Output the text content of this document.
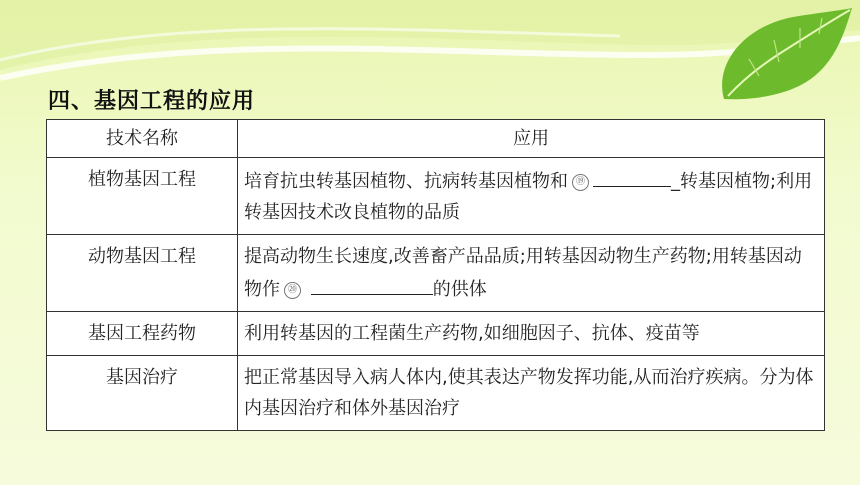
四、基因工程的应用
技术名称	应用
植物基因工程	培育抗虫转基因植物、抗病转基因植物和 ⑲ _转基因植物;利用转基因技术改良植物的品质
动物基因工程	提高动物生长速度,改善畜产品品质;用转基因动物生产药物;用转基因动物作 ⑳ 的供体
基因工程药物	利用转基因的工程菌生产药物,如细胞因子、抗体、疫苗等
基因治疗	把正常基因导入病人体内,使其表达产物发挥功能,从而治疗疾病。分为体内基因治疗和体外基因治疗
